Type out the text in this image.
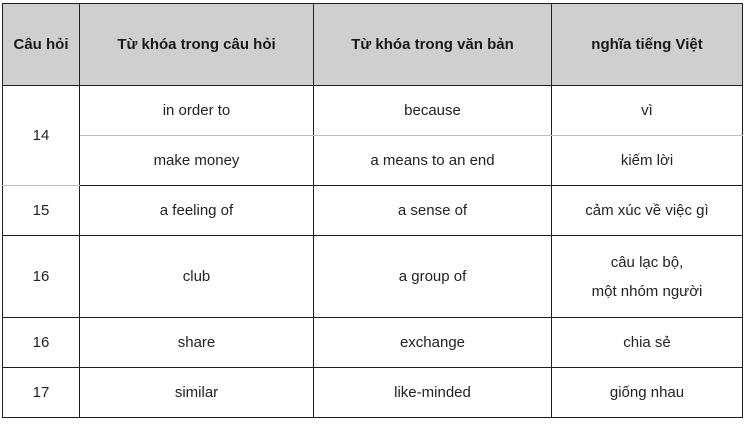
Câu hỏi	Từ khóa trong câu hỏi	Từ khóa trong văn bản	nghĩa tiếng Việt
14	in order to	because	vì
	make money	a means to an end	kiếm lời
15	a feeling of	a sense of	cảm xúc về việc gì
16	club	a group of	câu lạc bộ,
một nhóm người
16	share	exchange	chia sẻ
17	similar	like-minded	giống nhau
